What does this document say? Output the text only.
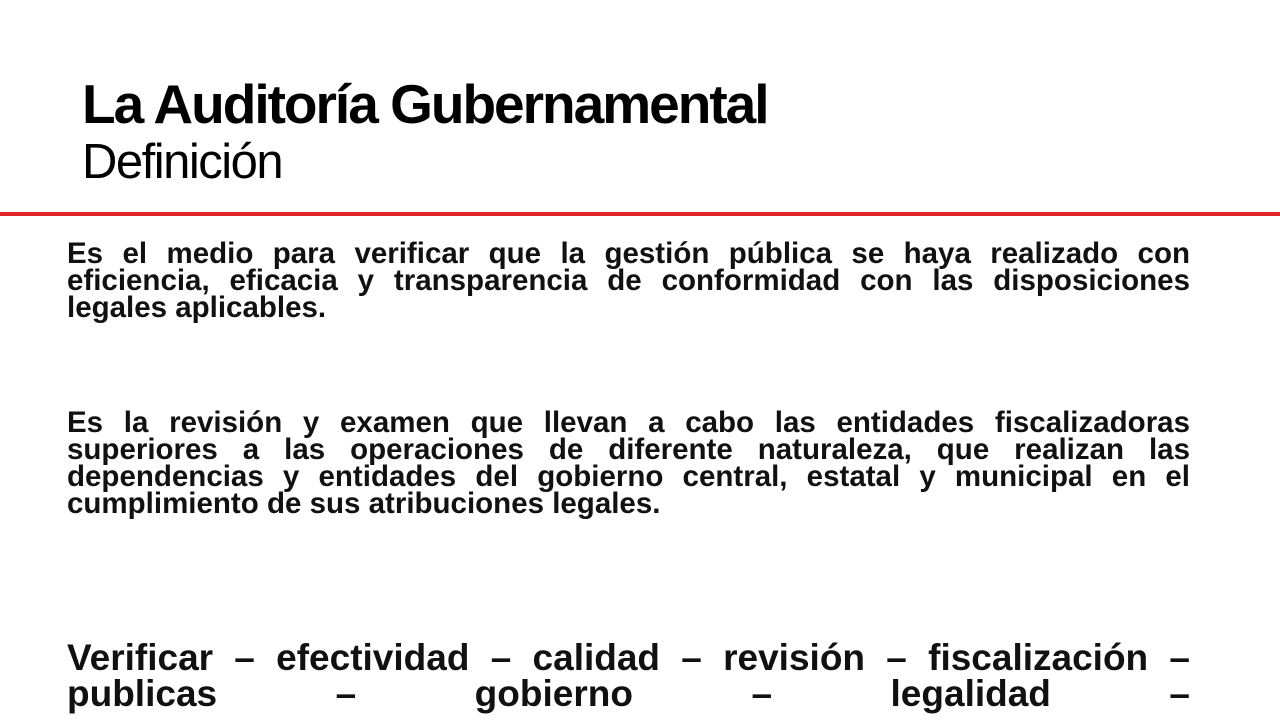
La Auditoría Gubernamental
Definición

Es el medio para verificar que la gestión pública se haya realizado con eficiencia, eficacia y transparencia de conformidad con las disposiciones legales aplicables.

Es la revisión y examen que llevan a cabo las entidades fiscalizadoras superiores a las operaciones de diferente naturaleza, que realizan las dependencias y entidades del gobierno central, estatal y municipal en el cumplimiento de sus atribuciones legales.

Verificar – efectividad – calidad – revisión – fiscalización – publicas – gobierno – legalidad –
